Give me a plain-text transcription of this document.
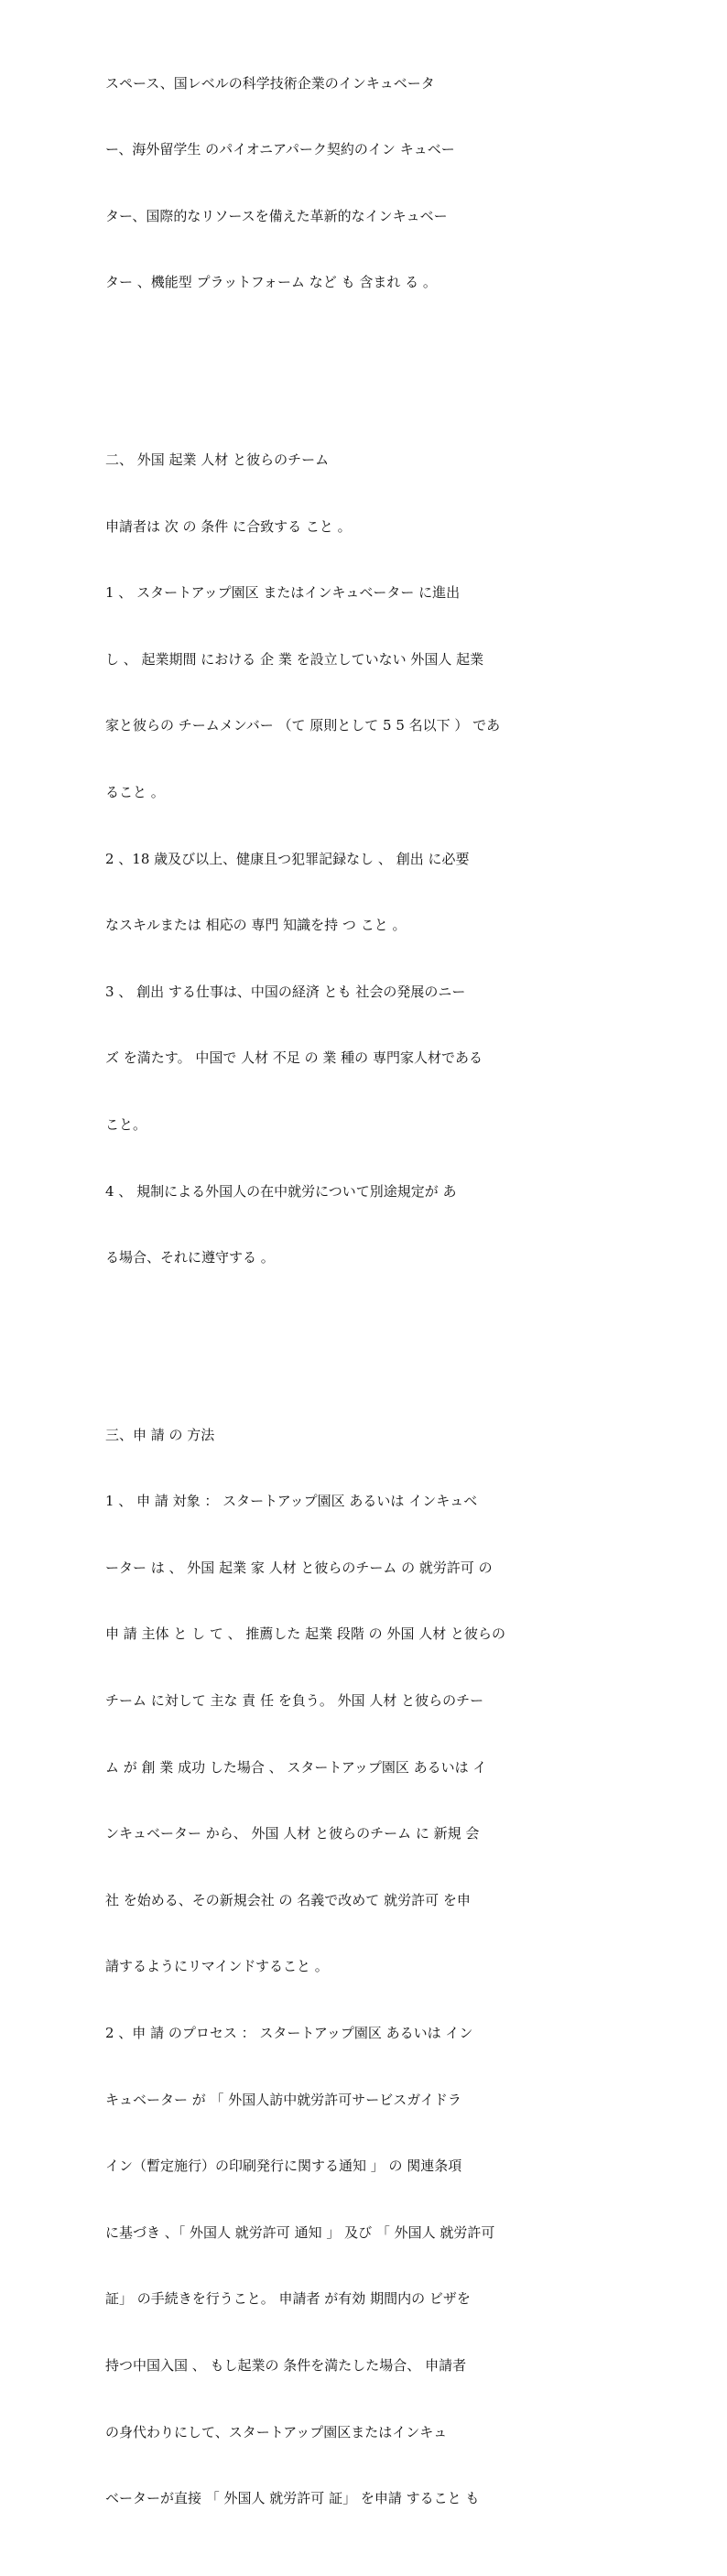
スペース、国レベルの科学技術企業のインキュベータ

ー、海外留学生 のパイオニアパーク契約のイン キュベー

ター、国際的なリソースを備えた革新的なインキュベー

ター 、機能型 プラットフォーム など も 含まれ る 。

二、 外国 起業 人材 と彼らのチーム

申請者は 次 の 条件 に合致する こと 。

1 、 スタートアップ園区 またはインキュベーター に進出

し 、 起業期間 における 企 業 を設立していない 外国人 起業

家と彼らの チームメンバー （て 原則として 5 5 名以下 ） であ

ること 。

2 、18 歳及び以上、健康且つ犯罪記録なし 、 創出 に必要

なスキルまたは 相応の 専門 知識を持 つ こと 。

3 、 創出 する仕事は、中国の経済 とも 社会の発展のニー

ズ を満たす。 中国で 人材 不足 の 業 種の 専門家人材である

こと。

4 、 規制による外国人の在中就労について別途規定が あ

る場合、それに遵守する 。

三、申 請 の 方法

1 、 申 請 対象 ： スタートアップ園区 あるいは インキュベ

ーター は 、 外国 起業 家 人材 と彼らのチーム の 就労許可 の

申 請 主体 と し て 、 推薦した 起業 段階 の 外国 人材 と彼らの

チーム に対して 主な 責 任 を負う。 外国 人材 と彼らのチー

ム が 創 業 成功 した場合 、 スタートアップ園区 あるいは イ

ンキュベーター から、 外国 人材 と彼らのチーム に 新規 会

社 を始める、その新規会社 の 名義で改めて 就労許可 を申

請するようにリマインドすること 。

2 、申 請 のプロセス ： スタートアップ園区 あるいは イン

キュベーター が 「 外国人訪中就労許可サービスガイドラ

イン（暫定施行）の印刷発行に関する通知 」 の 関連条項

に基づき 、「 外国人 就労許可 通知 」 及び 「 外国人 就労許可

証」 の手続きを行うこと。 申請者 が有効 期間内の ビザを

持つ中国入国 、 もし起業の 条件を満たした場合、 申請者

の身代わりにして、スタートアップ園区またはインキュ

ベーターが直接 「 外国人 就労許可 証」 を申請 すること も
